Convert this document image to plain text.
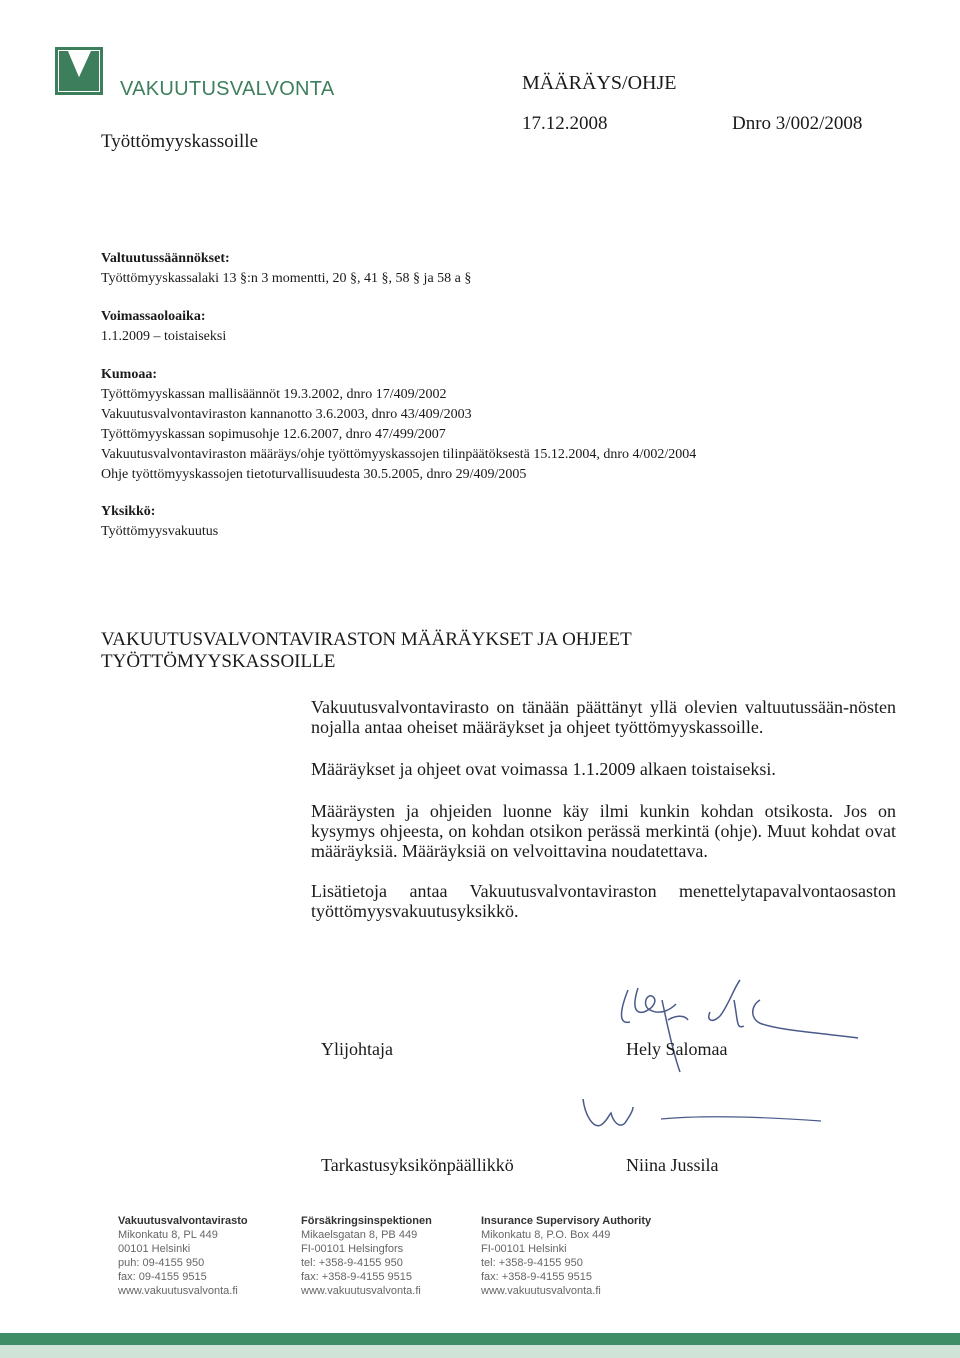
VAKUUTUSVALVONTA	MÄÄRÄYS/OHJE
17.12.2008	Dnro 3/002/2008
Työttömyyskassoille
Valtuutussäännökset:
Työttömyyskassalaki 13 §:n 3 momentti, 20 §, 41 §, 58 § ja 58 a §
Voimassaoloaika:
1.1.2009 – toistaiseksi
Kumoaa:
Työttömyyskassan mallisäännöt 19.3.2002, dnro 17/409/2002
Vakuutusvalvontaviraston kannanotto 3.6.2003, dnro 43/409/2003
Työttömyyskassan sopimusohje 12.6.2007, dnro 47/499/2007
Vakuutusvalvontaviraston määräys/ohje työttömyyskassojen tilinpäätöksestä 15.12.2004, dnro 4/002/2004
Ohje työttömyyskassojen tietoturvallisuudesta 30.5.2005, dnro 29/409/2005
Yksikkö:
Työttömyysvakuutus
VAKUUTUSVALVONTAVIRASTON MÄÄRÄYKSET JA OHJEET
TYÖTTÖMYYSKASSOILLE

Vakuutusvalvontavirasto on tänään päättänyt yllä olevien valtuutussään-nösten nojalla antaa oheiset määräykset ja ohjeet työttömyyskassoille.

Määräykset ja ohjeet ovat voimassa 1.1.2009 alkaen toistaiseksi.

Määräysten ja ohjeiden luonne käy ilmi kunkin kohdan otsikosta. Jos on kysymys ohjeesta, on kohdan otsikon perässä merkintä (ohje). Muut kohdat ovat määräyksiä. Määräyksiä on velvoittavina noudatettava.

Lisätietoja antaa Vakuutusvalvontaviraston menettelytapavalvontaosaston työttömyysvakuutusyksikkö.

Ylijohtaja	Hely Salomaa
Tarkastusyksikönpäällikkö	Niina Jussila
Vakuutusvalvontavirasto
Mikonkatu 8, PL 449
00101 Helsinki
puh: 09-4155 950
fax: 09-4155 9515
www.vakuutusvalvonta.fi
Försäkringsinspektionen
Mikaelsgatan 8, PB 449
FI-00101 Helsingfors
tel: +358-9-4155 950
fax: +358-9-4155 9515
www.vakuutusvalvonta.fi
Insurance Supervisory Authority
Mikonkatu 8, P.O. Box 449
FI-00101 Helsinki
tel: +358-9-4155 950
fax: +358-9-4155 9515
www.vakuutusvalvonta.fi
